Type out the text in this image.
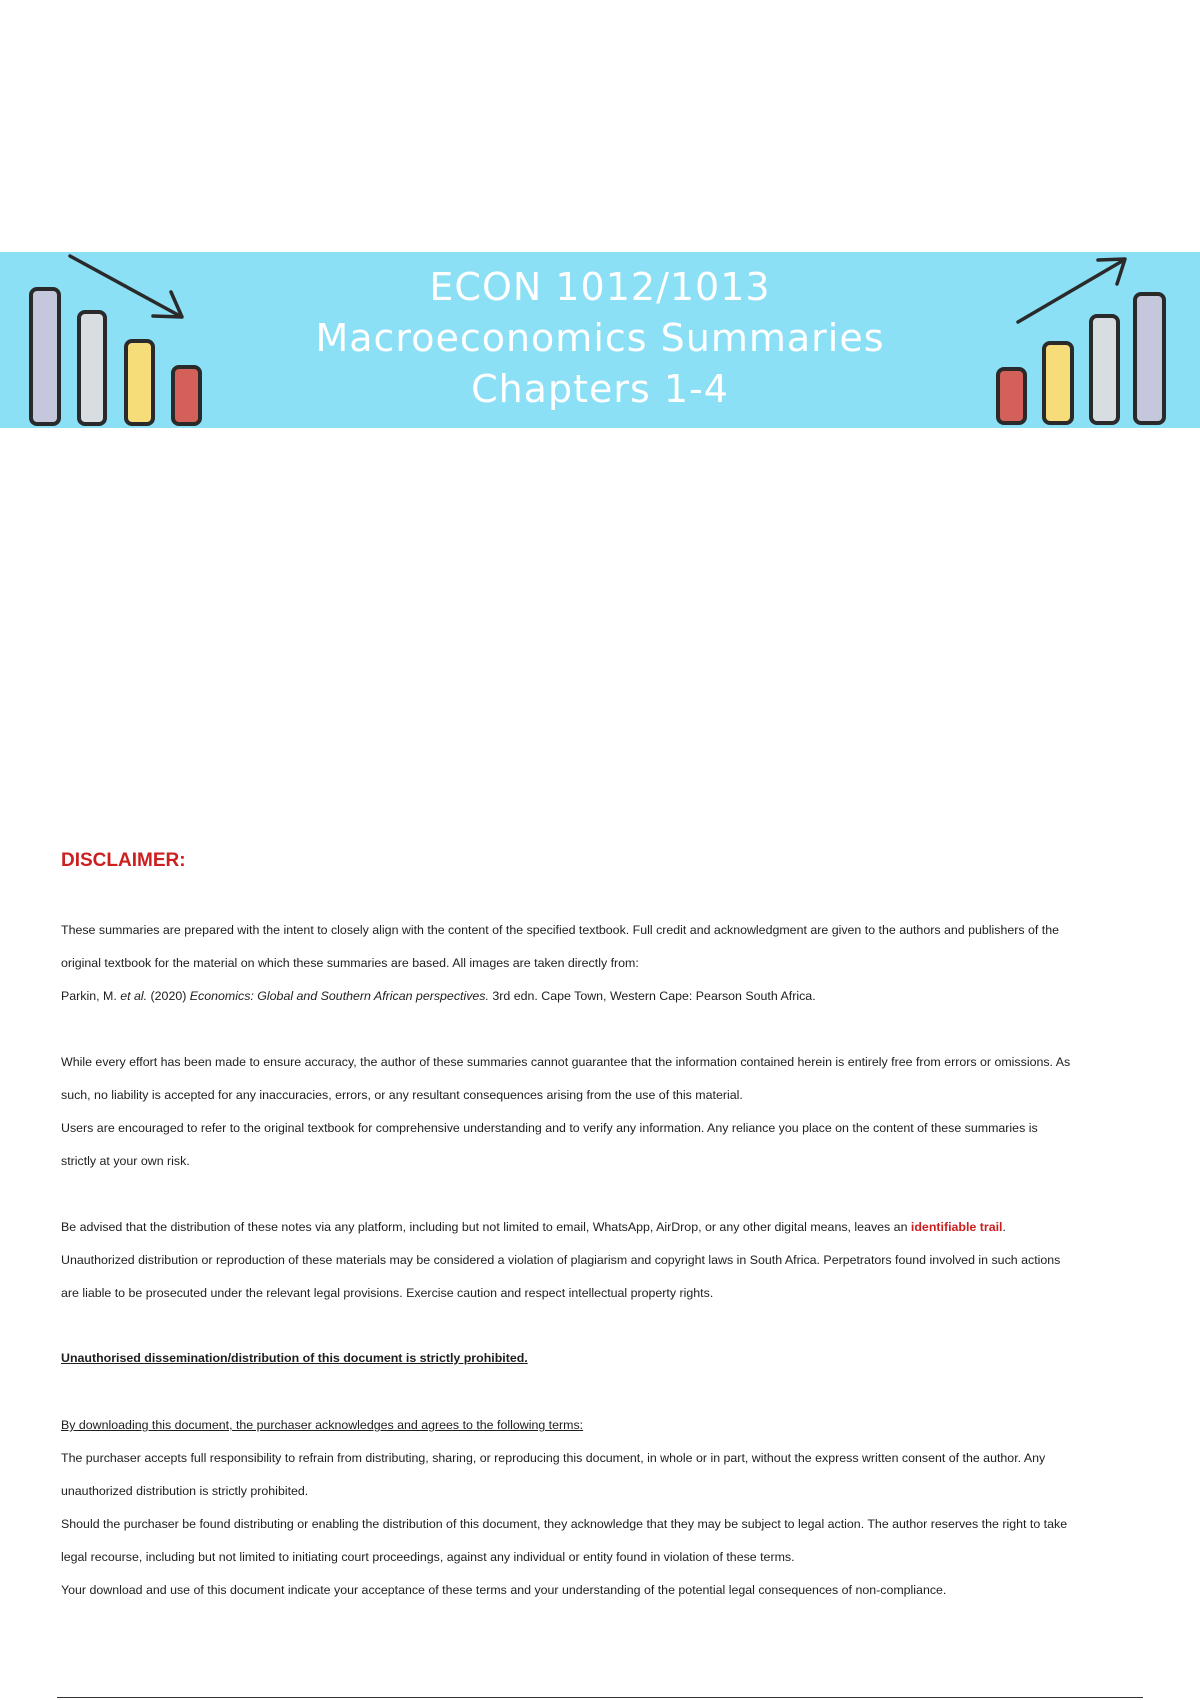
ECON 1012/1013
Macroeconomics Summaries
Chapters 1-4
DISCLAIMER:
These summaries are prepared with the intent to closely align with the content of the specified textbook. Full credit and acknowledgment are given to the authors and publishers of the
original textbook for the material on which these summaries are based. All images are taken directly from:
Parkin, M. et al. (2020) Economics: Global and Southern African perspectives. 3rd edn. Cape Town, Western Cape: Pearson South Africa.
While every effort has been made to ensure accuracy, the author of these summaries cannot guarantee that the information contained herein is entirely free from errors or omissions. As
such, no liability is accepted for any inaccuracies, errors, or any resultant consequences arising from the use of this material.
Users are encouraged to refer to the original textbook for comprehensive understanding and to verify any information. Any reliance you place on the content of these summaries is
strictly at your own risk.
Be advised that the distribution of these notes via any platform, including but not limited to email, WhatsApp, AirDrop, or any other digital means, leaves an identifiable trail.
Unauthorized distribution or reproduction of these materials may be considered a violation of plagiarism and copyright laws in South Africa. Perpetrators found involved in such actions
are liable to be prosecuted under the relevant legal provisions. Exercise caution and respect intellectual property rights.
Unauthorised dissemination/distribution of this document is strictly prohibited.
By downloading this document, the purchaser acknowledges and agrees to the following terms:
The purchaser accepts full responsibility to refrain from distributing, sharing, or reproducing this document, in whole or in part, without the express written consent of the author. Any
unauthorized distribution is strictly prohibited.
Should the purchaser be found distributing or enabling the distribution of this document, they acknowledge that they may be subject to legal action. The author reserves the right to take
legal recourse, including but not limited to initiating court proceedings, against any individual or entity found in violation of these terms.
Your download and use of this document indicate your acceptance of these terms and your understanding of the potential legal consequences of non-compliance.
